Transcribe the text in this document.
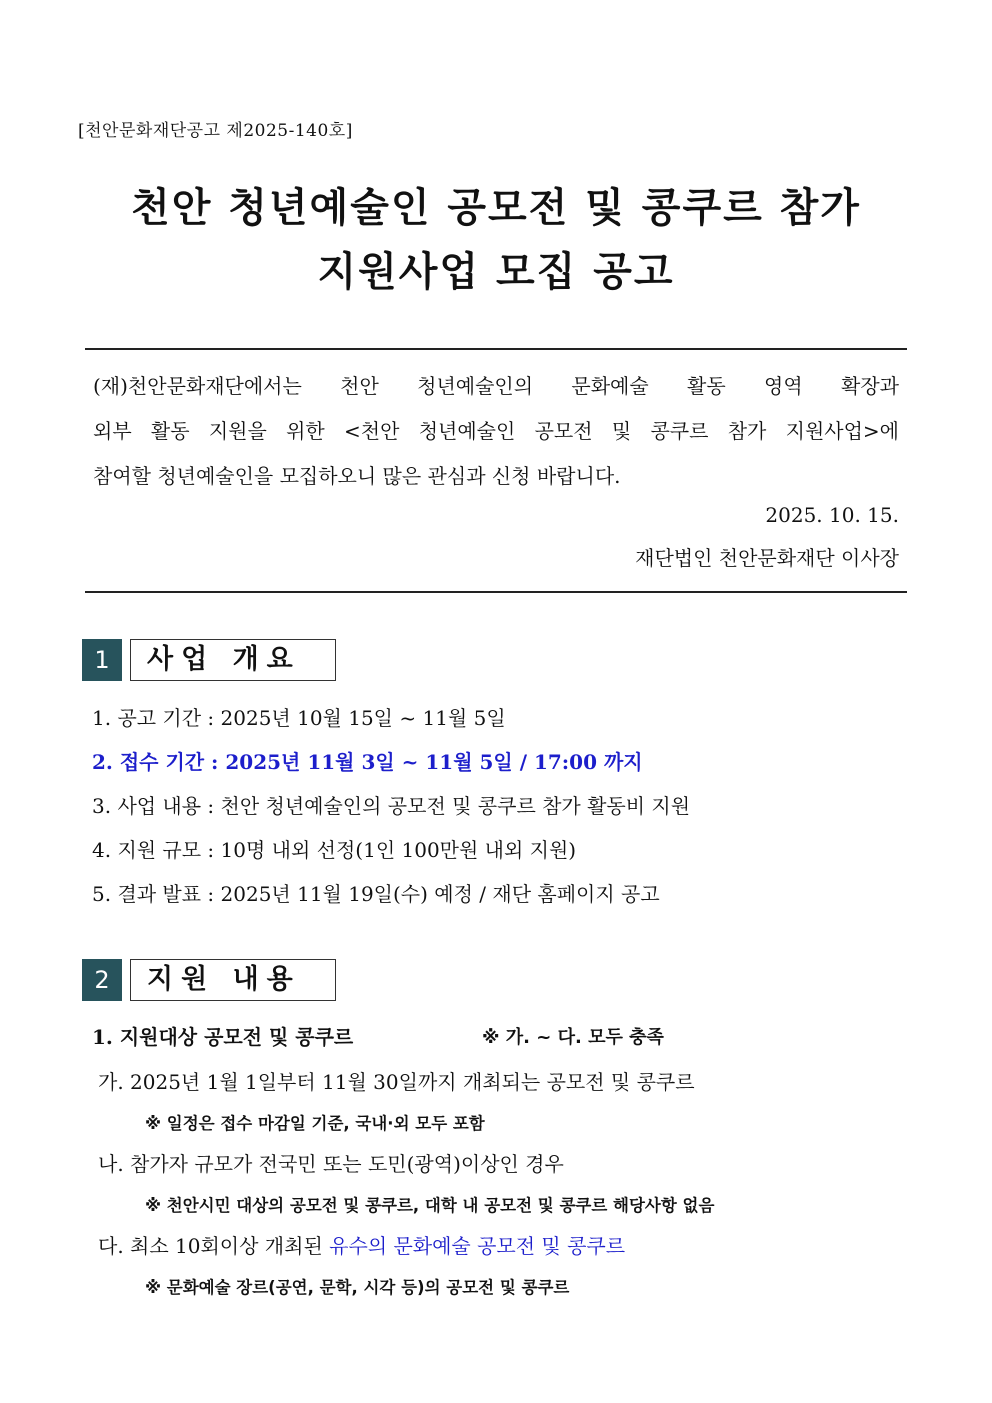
[천안문화재단공고 제2025-140호]
천안 청년예술인 공모전 및 콩쿠르 참가
지원사업 모집 공고
(재)천안문화재단에서는 천안 청년예술인의 문화예술 활동 영역 확장과
외부 활동 지원을 위한 <천안 청년예술인 공모전 및 콩쿠르 참가 지원사업>에
참여할 청년예술인을 모집하오니 많은 관심과 신청 바랍니다.
2025. 10. 15.
재단법인 천안문화재단 이사장
1	사업 개요
1. 공고 기간 : 2025년 10월 15일 ~ 11월 5일
2. 접수 기간 : 2025년 11월 3일 ~ 11월 5일 / 17:00 까지
3. 사업 내용 : 천안 청년예술인의 공모전 및 콩쿠르 참가 활동비 지원
4. 지원 규모 : 10명 내외 선정(1인 100만원 내외 지원)
5. 결과 발표 : 2025년 11월 19일(수) 예정 / 재단 홈페이지 공고
2	지원 내용
1. 지원대상 공모전 및 콩쿠르	※ 가. ~ 다. 모두 충족
가. 2025년 1월 1일부터 11월 30일까지 개최되는 공모전 및 콩쿠르
※ 일정은 접수 마감일 기준, 국내·외 모두 포함
나. 참가자 규모가 전국민 또는 도민(광역)이상인 경우
※ 천안시민 대상의 공모전 및 콩쿠르, 대학 내 공모전 및 콩쿠르 해당사항 없음
다. 최소 10회이상 개최된 유수의 문화예술 공모전 및 콩쿠르
※ 문화예술 장르(공연, 문학, 시각 등)의 공모전 및 콩쿠르
